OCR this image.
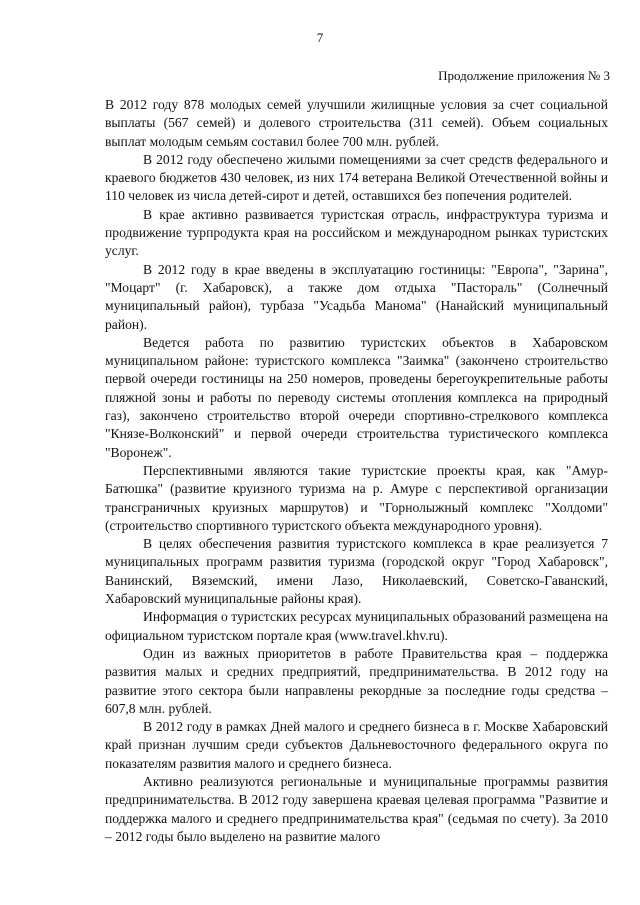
7
Продолжение приложения № 3

В 2012 году 878 молодых семей улучшили жилищные условия за счет социальной выплаты (567 семей) и долевого строительства (311 семей). Объем социальных выплат молодым семьям составил более 700 млн. рублей.

В 2012 году обеспечено жилыми помещениями за счет средств федерального и краевого бюджетов 430 человек, из них 174 ветерана Великой Отечественной войны и 110 человек из числа детей-сирот и детей, оставшихся без попечения родителей.

В крае активно развивается туристская отрасль, инфраструктура туризма и продвижение турпродукта края на российском и международном рынках туристских услуг.

В 2012 году в крае введены в эксплуатацию гостиницы: "Европа", "Зарина", "Моцарт" (г. Хабаровск), а также дом отдыха "Пастораль" (Солнечный муниципальный район), турбаза "Усадьба Манома" (Нанайский муниципальный район).

Ведется работа по развитию туристских объектов в Хабаровском муниципальном районе: туристского комплекса "Заимка" (закончено строительство первой очереди гостиницы на 250 номеров, проведены берегоукрепительные работы пляжной зоны и работы по переводу системы отопления комплекса на природный газ), закончено строительство второй очереди спортивно-стрелкового комплекса "Князе-Волконский" и первой очереди строительства туристического комплекса "Воронеж".

Перспективными являются такие туристские проекты края, как "Амур-Батюшка" (развитие круизного туризма на р. Амуре с перспективой организации трансграничных круизных маршрутов) и "Горнолыжный комплекс "Холдоми" (строительство спортивного туристского объекта международного уровня).

В целях обеспечения развития туристского комплекса в крае реализуется 7 муниципальных программ развития туризма (городской округ "Город Хабаровск", Ванинский, Вяземский, имени Лазо, Николаевский, Советско-Гаванский, Хабаровский муниципальные районы края).

Информация о туристских ресурсах муниципальных образований размещена на официальном туристском портале края (www.travel.khv.ru).

Один из важных приоритетов в работе Правительства края – поддержка развития малых и средних предприятий, предпринимательства. В 2012 году на развитие этого сектора были направлены рекордные за последние годы средства – 607,8 млн. рублей.

В 2012 году в рамках Дней малого и среднего бизнеса в г. Москве Хабаровский край признан лучшим среди субъектов Дальневосточного федерального округа по показателям развития малого и среднего бизнеса.

Активно реализуются региональные и муниципальные программы развития предпринимательства. В 2012 году завершена краевая целевая программа "Развитие и поддержка малого и среднего предпринимательства края" (седьмая по счету). За 2010 – 2012 годы было выделено на развитие малого
